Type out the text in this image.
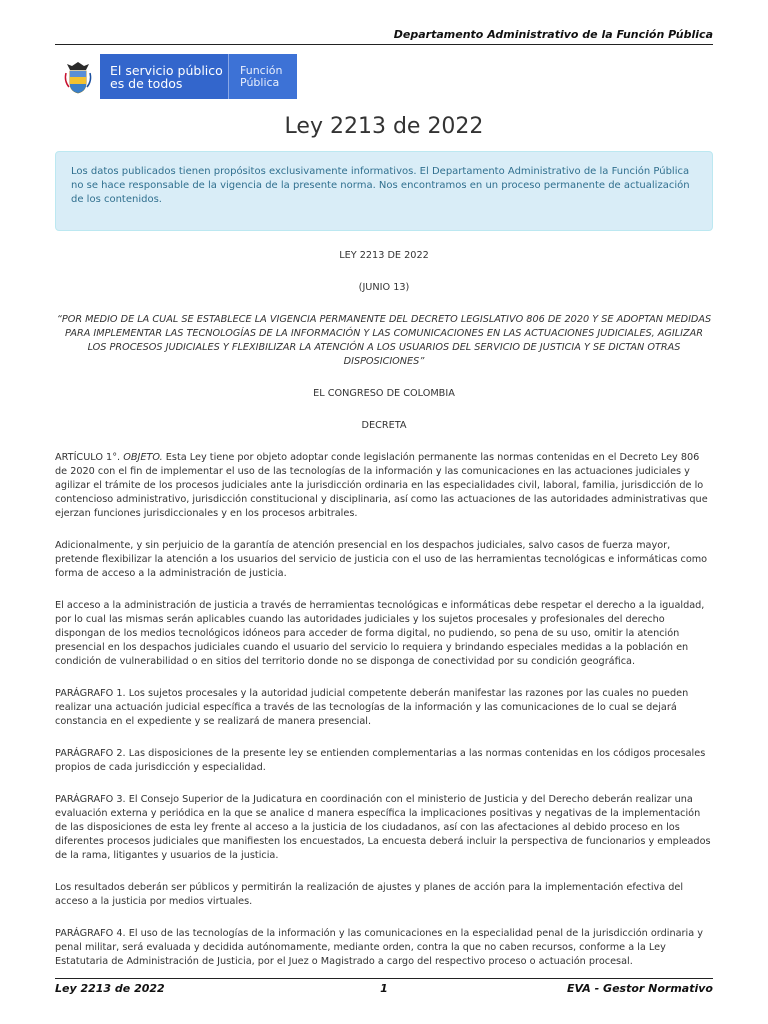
Departamento Administrativo de la Función Pública
El servicio público
es de todos
Función
Pública
Ley 2213 de 2022
Los datos publicados tienen propósitos exclusivamente informativos. El Departamento Administrativo de la Función Pública no se hace responsable de la vigencia de la presente norma. Nos encontramos en un proceso permanente de actualización de los contenidos.

LEY 2213 DE 2022

(JUNIO 13)

“POR MEDIO DE LA CUAL SE ESTABLECE LA VIGENCIA PERMANENTE DEL DECRETO LEGISLATIVO 806 DE 2020 Y SE ADOPTAN MEDIDAS PARA IMPLEMENTAR LAS TECNOLOGÍAS DE LA INFORMACIÓN Y LAS COMUNICACIONES EN LAS ACTUACIONES JUDICIALES, AGILIZAR LOS PROCESOS JUDICIALES Y FLEXIBILIZAR LA ATENCIÓN A LOS USUARIOS DEL SERVICIO DE JUSTICIA Y SE DICTAN OTRAS DISPOSICIONES”

EL CONGRESO DE COLOMBIA

DECRETA

ARTÍCULO 1°. OBJETO. Esta Ley tiene por objeto adoptar conde legislación permanente las normas contenidas en el Decreto Ley 806 de 2020 con el fin de implementar el uso de las tecnologías de la información y las comunicaciones en las actuaciones judiciales y agilizar el trámite de los procesos judiciales ante la jurisdicción ordinaria en las especialidades civil, laboral, familia, jurisdicción de lo contencioso administrativo, jurisdicción constitucional y disciplinaria, así como las actuaciones de las autoridades administrativas que ejerzan funciones jurisdiccionales y en los procesos arbitrales.

Adicionalmente, y sin perjuicio de la garantía de atención presencial en los despachos judiciales, salvo casos de fuerza mayor, pretende flexibilizar la atención a los usuarios del servicio de justicia con el uso de las herramientas tecnológicas e informáticas como forma de acceso a la administración de justicia.

El acceso a la administración de justicia a través de herramientas tecnológicas e informáticas debe respetar el derecho a la igualdad, por lo cual las mismas serán aplicables cuando las autoridades judiciales y los sujetos procesales y profesionales del derecho dispongan de los medios tecnológicos idóneos para acceder de forma digital, no pudiendo, so pena de su uso, omitir la atención presencial en los despachos judiciales cuando el usuario del servicio lo requiera y brindando especiales medidas a la población en condición de vulnerabilidad o en sitios del territorio donde no se disponga de conectividad por su condición geográfica.

PARÁGRAFO 1. Los sujetos procesales y la autoridad judicial competente deberán manifestar las razones por las cuales no pueden realizar una actuación judicial específica a través de las tecnologías de la información y las comunicaciones de lo cual se dejará constancia en el expediente y se realizará de manera presencial.

PARÁGRAFO 2. Las disposiciones de la presente ley se entienden complementarias a las normas contenidas en los códigos procesales propios de cada jurisdicción y especialidad.

PARÁGRAFO 3. El Consejo Superior de la Judicatura en coordinación con el ministerio de Justicia y del Derecho deberán realizar una evaluación externa y periódica en la que se analice d manera específica la implicaciones positivas y negativas de la implementación de las disposiciones de esta ley frente al acceso a la justicia de los ciudadanos, así con las afectaciones al debido proceso en los diferentes procesos judiciales que manifiesten los encuestados, La encuesta deberá incluir la perspectiva de funcionarios y empleados de la rama, litigantes y usuarios de la justicia.

Los resultados deberán ser públicos y permitirán la realización de ajustes y planes de acción para la implementación efectiva del acceso a la justicia por medios virtuales.

PARÁGRAFO 4. El uso de las tecnologías de la información y las comunicaciones en la especialidad penal de la jurisdicción ordinaria y penal militar, será evaluada y decidida autónomamente, mediante orden, contra la que no caben recursos, conforme a la Ley Estatutaria de Administración de Justicia, por el Juez o Magistrado a cargo del respectivo proceso o actuación procesal.

Ley 2213 de 2022	1	EVA - Gestor Normativo
